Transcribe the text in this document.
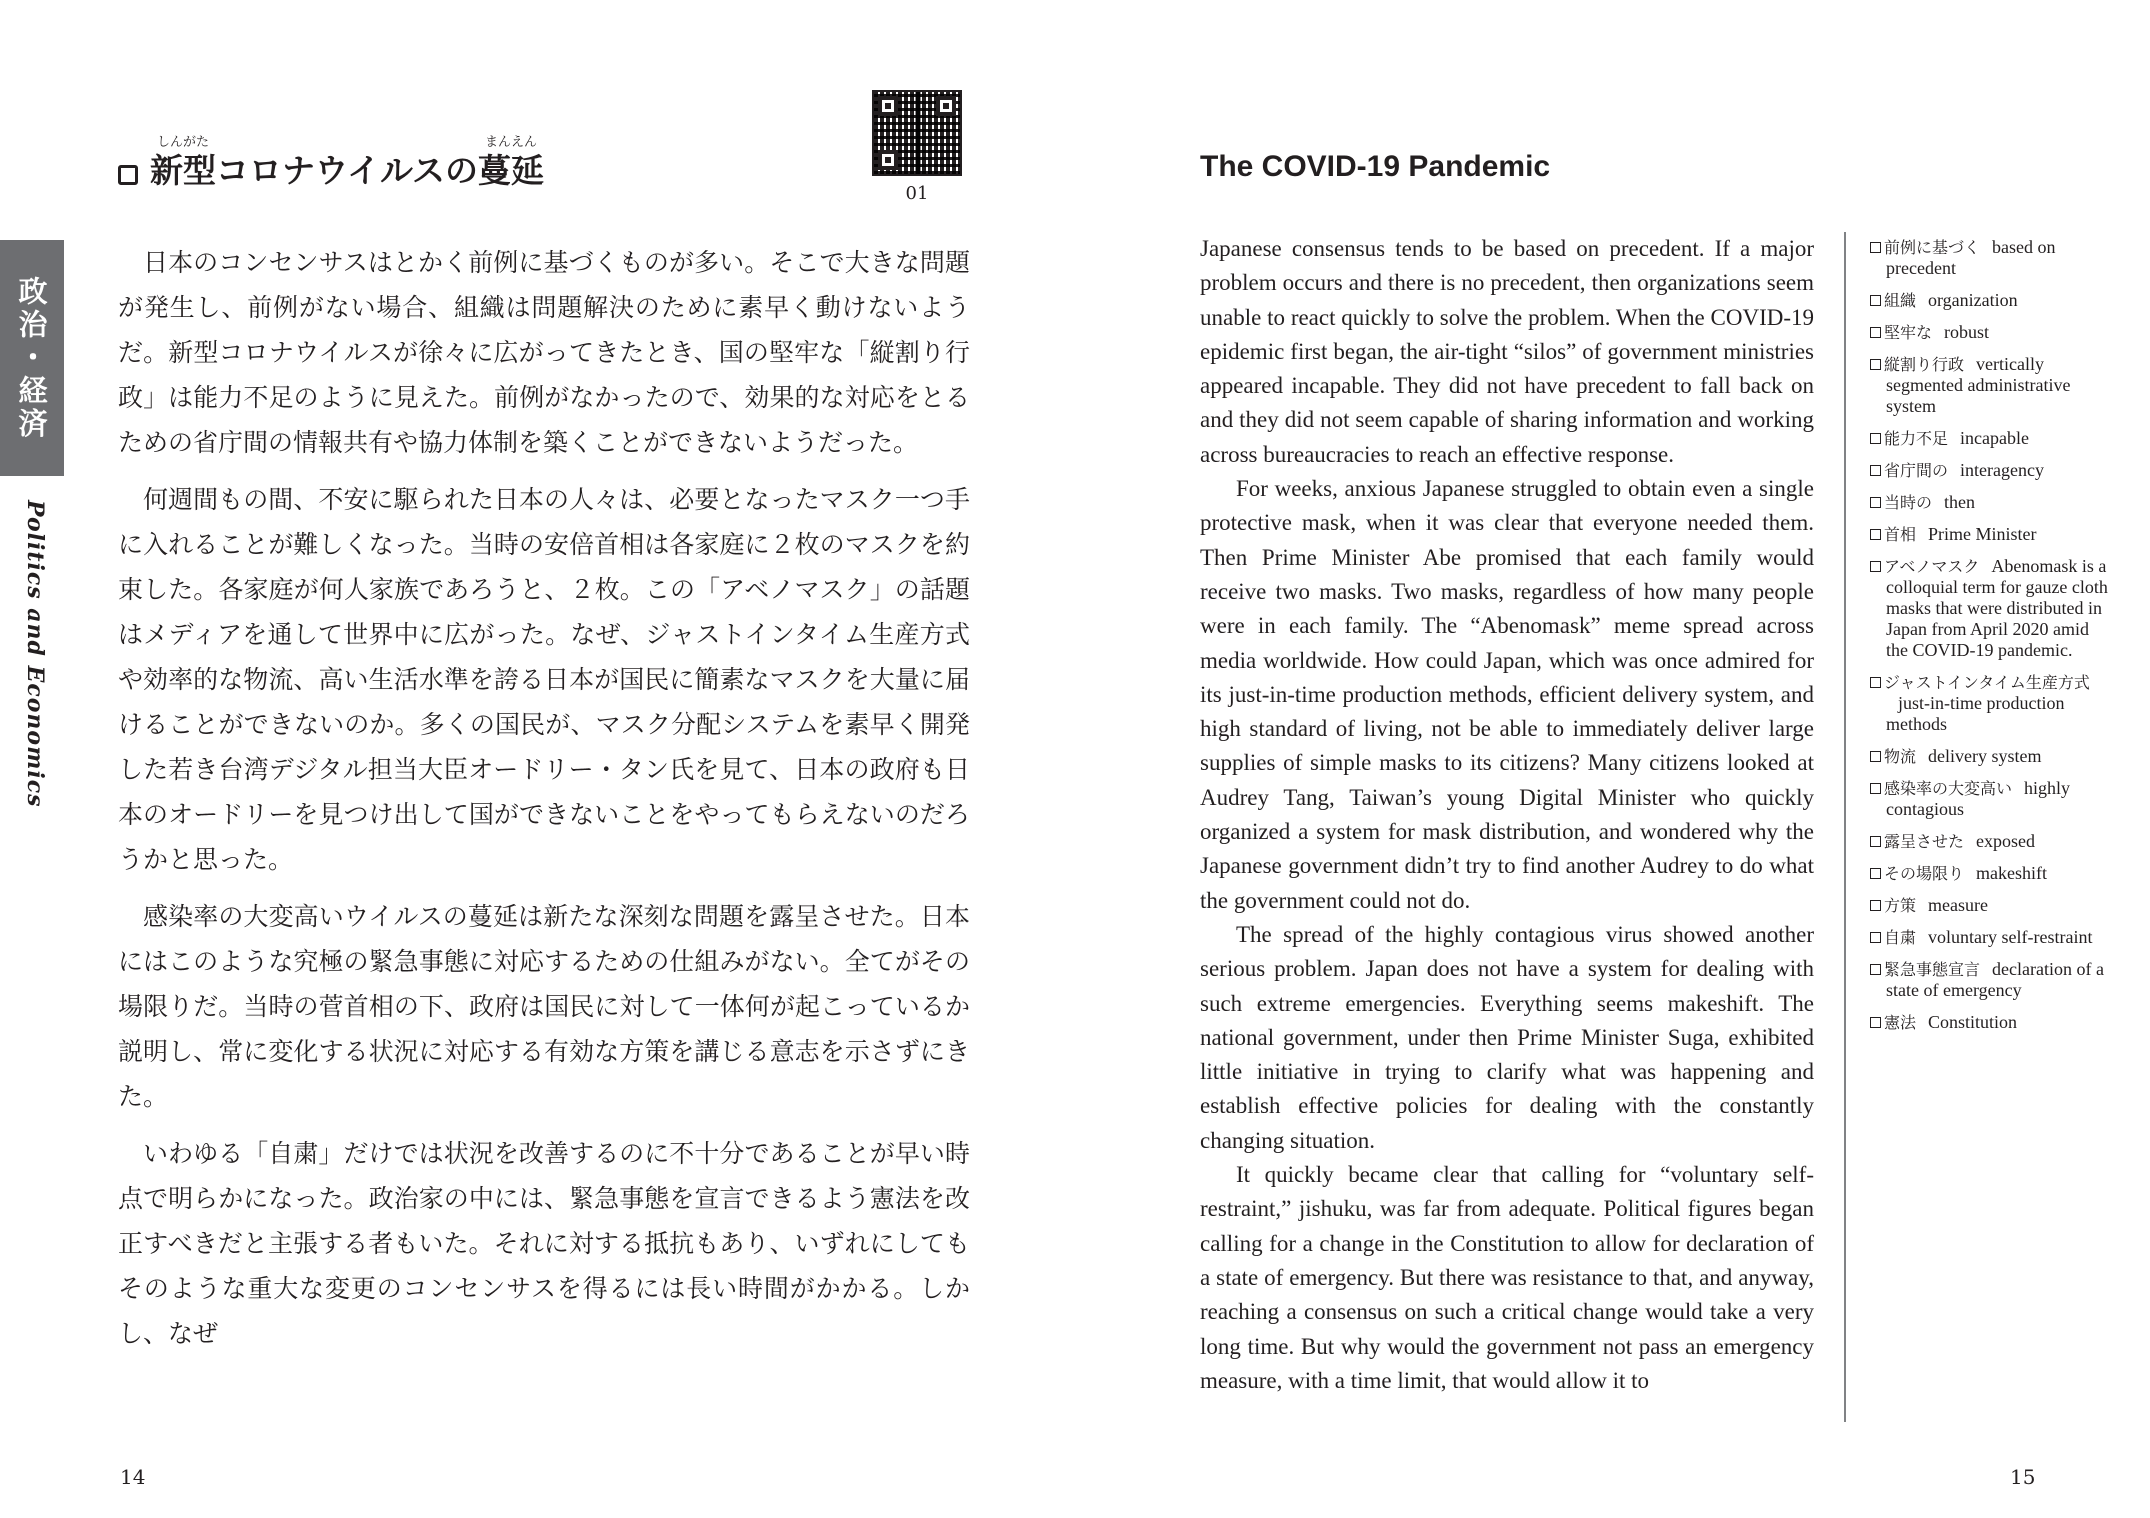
政治・経済
Politics and Economics
しんがた
新型 コロナウイルスの
まんえん
蔓延
01

日本のコンセンサスはとかく前例に基づくものが多い。そこで大きな問題が発生し、前例がない場合、組織は問題解決のために素早く動けないようだ。新型コロナウイルスが徐々に広がってきたとき、国の堅牢な「縦割り行政」は能力不足のように見えた。前例がなかったので、効果的な対応をとるための省庁間の情報共有や協力体制を築くことができないようだった。

何週間もの間、不安に駆られた日本の人々は、必要となったマスク一つ手に入れることが難しくなった。当時の安倍首相は各家庭に２枚のマスクを約束した。各家庭が何人家族であろうと、２枚。この「アベノマスク」の話題はメディアを通して世界中に広がった。なぜ、ジャストインタイム生産方式や効率的な物流、高い生活水準を誇る日本が国民に簡素なマスクを大量に届けることができないのか。多くの国民が、マスク分配システムを素早く開発した若き台湾デジタル担当大臣オードリー・タン氏を見て、日本の政府も日本のオードリーを見つけ出して国ができないことをやってもらえないのだろうかと思った。

感染率の大変高いウイルスの蔓延は新たな深刻な問題を露呈させた。日本にはこのような究極の緊急事態に対応するための仕組みがない。全てがその場限りだ。当時の菅首相の下、政府は国民に対して一体何が起こっているか説明し、常に変化する状況に対応する有効な方策を講じる意志を示さずにきた。

いわゆる「自粛」だけでは状況を改善するのに不十分であることが早い時点で明らかになった。政治家の中には、緊急事態を宣言できるよう憲法を改正すべきだと主張する者もいた。それに対する抵抗もあり、いずれにしてもそのような重大な変更のコンセンサスを得るには長い時間がかかる。しかし、なぜ

14
The COVID-19 Pandemic

Japanese consensus tends to be based on precedent. If a major problem occurs and there is no precedent, then organizations seem unable to react quickly to solve the problem. When the COVID-19 epidemic first began, the air-tight “silos” of government ministries appeared incapable. They did not have precedent to fall back on and they did not seem capable of sharing information and working across bureaucracies to reach an effective response.

For weeks, anxious Japanese struggled to obtain even a single protective mask, when it was clear that everyone needed them. Then Prime Minister Abe promised that each family would receive two masks. Two masks, regardless of how many people were in each family. The “Abenomask” meme spread across media worldwide. How could Japan, which was once admired for its just-in-time production methods, efficient delivery system, and high standard of living, not be able to immediately deliver large supplies of simple masks to its citizens? Many citizens looked at Audrey Tang, Taiwan’s young Digital Minister who quickly organized a system for mask distribution, and wondered why the Japanese government didn’t try to find another Audrey to do what the government could not do.

The spread of the highly contagious virus showed another serious problem. Japan does not have a system for dealing with such extreme emergencies. Everything seems makeshift. The national government, under then Prime Minister Suga, exhibited little initiative in trying to clarify what was happening and establish effective policies for dealing with the constantly changing situation.

It quickly became clear that calling for “voluntary self-restraint,” jishuku, was far from adequate. Political figures began calling for a change in the Constitution to allow for declaration of a state of emergency. But there was resistance to that, and anyway, reaching a consensus on such a critical change would take a very long time. But why would the government not pass an emergency measure, with a time limit, that would allow it to

前例に基づく based on precedent
組織 organization
堅牢な robust
縦割り行政 vertically segmented administrative system
能力不足 incapable
省庁間の interagency
当時の then
首相 Prime Minister
アベノマスク Abenomask is a colloquial term for gauze cloth masks that were distributed in Japan from April 2020 amid the COVID-19 pandemic.
ジャストインタイム生産方式just-in-time production methods
物流 delivery system
感染率の大変高い highly contagious
露呈させた exposed
その場限り makeshift
方策 measure
自粛 voluntary self-restraint
緊急事態宣言 declaration of a state of emergency
憲法 Constitution
15
